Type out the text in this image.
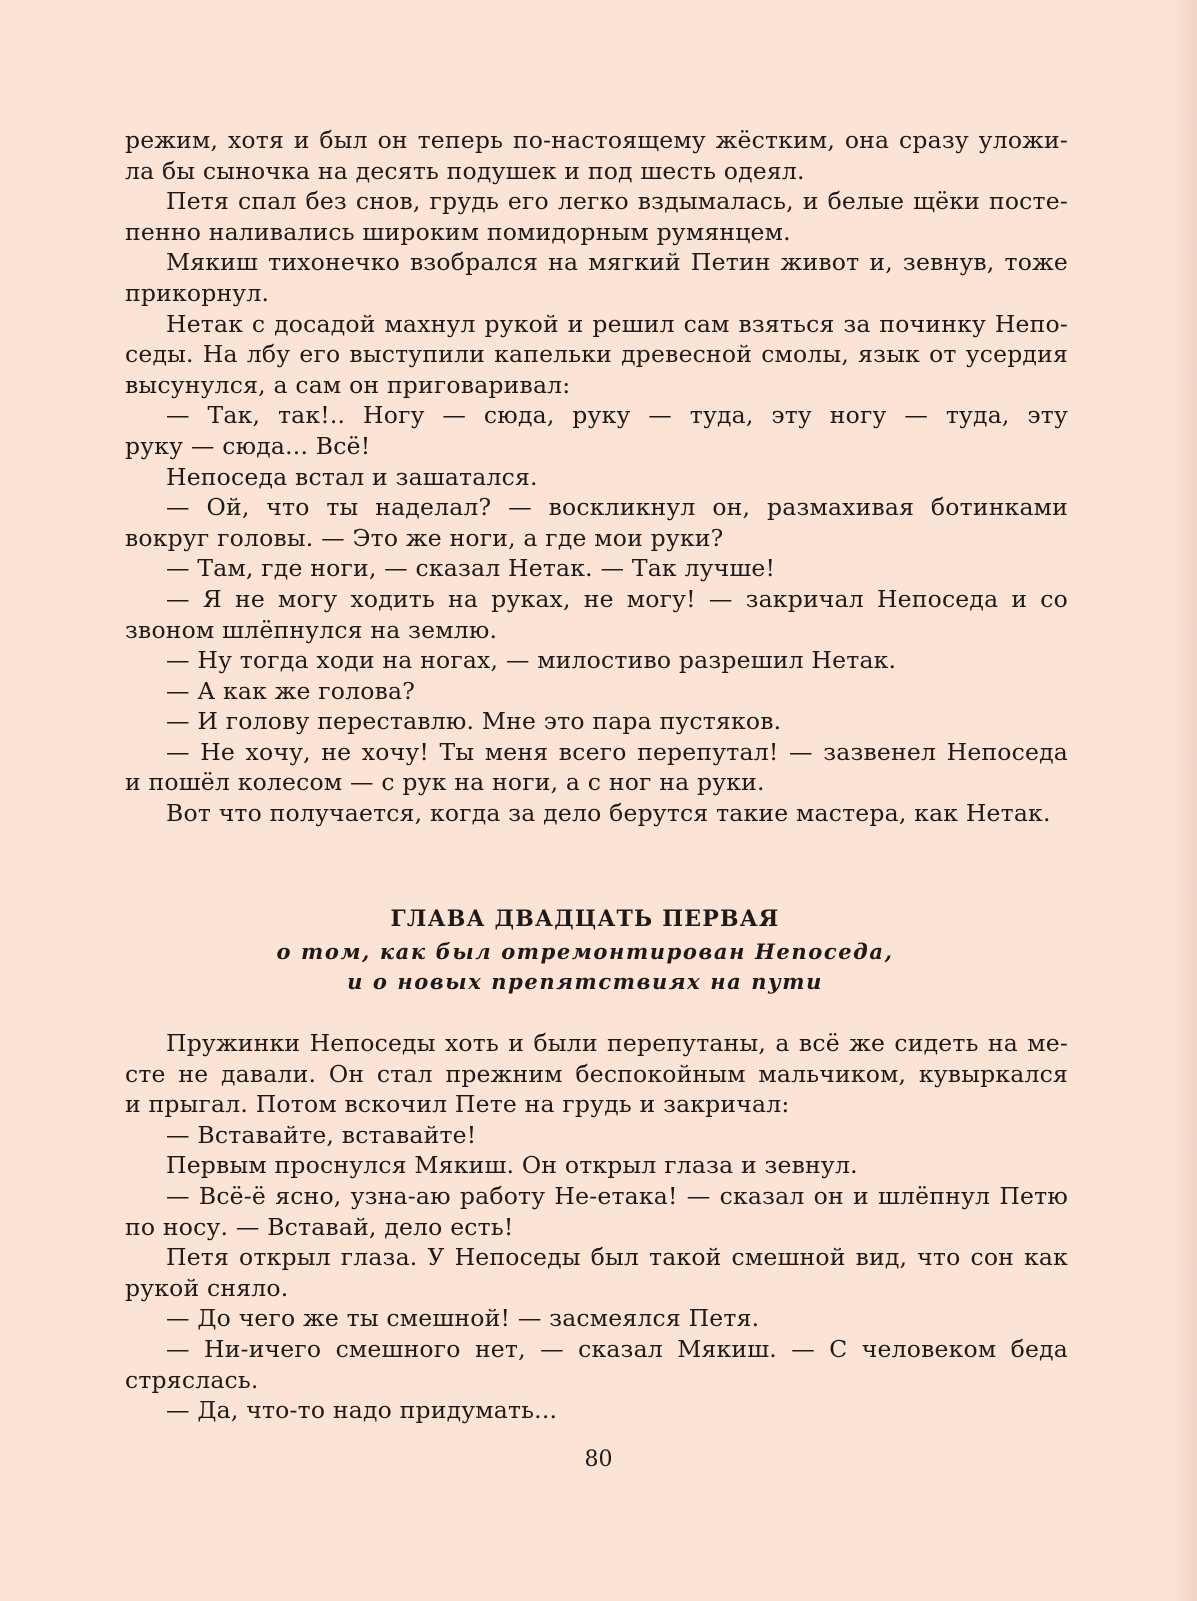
режим, хотя и был он теперь по-настоящему жёстким, она сразу уложи-
ла бы сыночка на десять подушек и под шесть одеял.
Петя спал без снов, грудь его легко вздымалась, и белые щёки посте-
пенно наливались широким помидорным румянцем.
Мякиш тихонечко взобрался на мягкий Петин живот и, зевнув, тоже
прикорнул.
Нетак с досадой махнул рукой и решил сам взяться за починку Непо-
седы. На лбу его выступили капельки древесной смолы, язык от усердия
высунулся, а сам он приговаривал:
— Так, так!.. Ногу — сюда, руку — туда, эту ногу — туда, эту
руку — сюда... Всё!
Непоседа встал и зашатался.
— Ой, что ты наделал? — воскликнул он, размахивая ботинками
вокруг головы. — Это же ноги, а где мои руки?
— Там, где ноги, — сказал Нетак. — Так лучше!
— Я не могу ходить на руках, не могу! — закричал Непоседа и со
звоном шлёпнулся на землю.
— Ну тогда ходи на ногах, — милостиво разрешил Нетак.
— А как же голова?
— И голову переставлю. Мне это пара пустяков.
— Не хочу, не хочу! Ты меня всего перепутал! — зазвенел Непоседа
и пошёл колесом — с рук на ноги, а с ног на руки.
Вот что получается, когда за дело берутся такие мастера, как Нетак.
ГЛАВА ДВАДЦАТЬ ПЕРВАЯ
о том, как был отремонтирован Непоседа,
и о новых препятствиях на пути
Пружинки Непоседы хоть и были перепутаны, а всё же сидеть на ме-
сте не давали. Он стал прежним беспокойным мальчиком, кувыркался
и прыгал. Потом вскочил Пете на грудь и закричал:
— Вставайте, вставайте!
Первым проснулся Мякиш. Он открыл глаза и зевнул.
— Всё-ё ясно, узна-аю работу Не-етака! — сказал он и шлёпнул Петю
по носу. — Вставай, дело есть!
Петя открыл глаза. У Непоседы был такой смешной вид, что сон как
рукой сняло.
— До чего же ты смешной! — засмеялся Петя.
— Ни-ичего смешного нет, — сказал Мякиш. — С человеком беда
стряслась.
— Да, что-то надо придумать...
80
